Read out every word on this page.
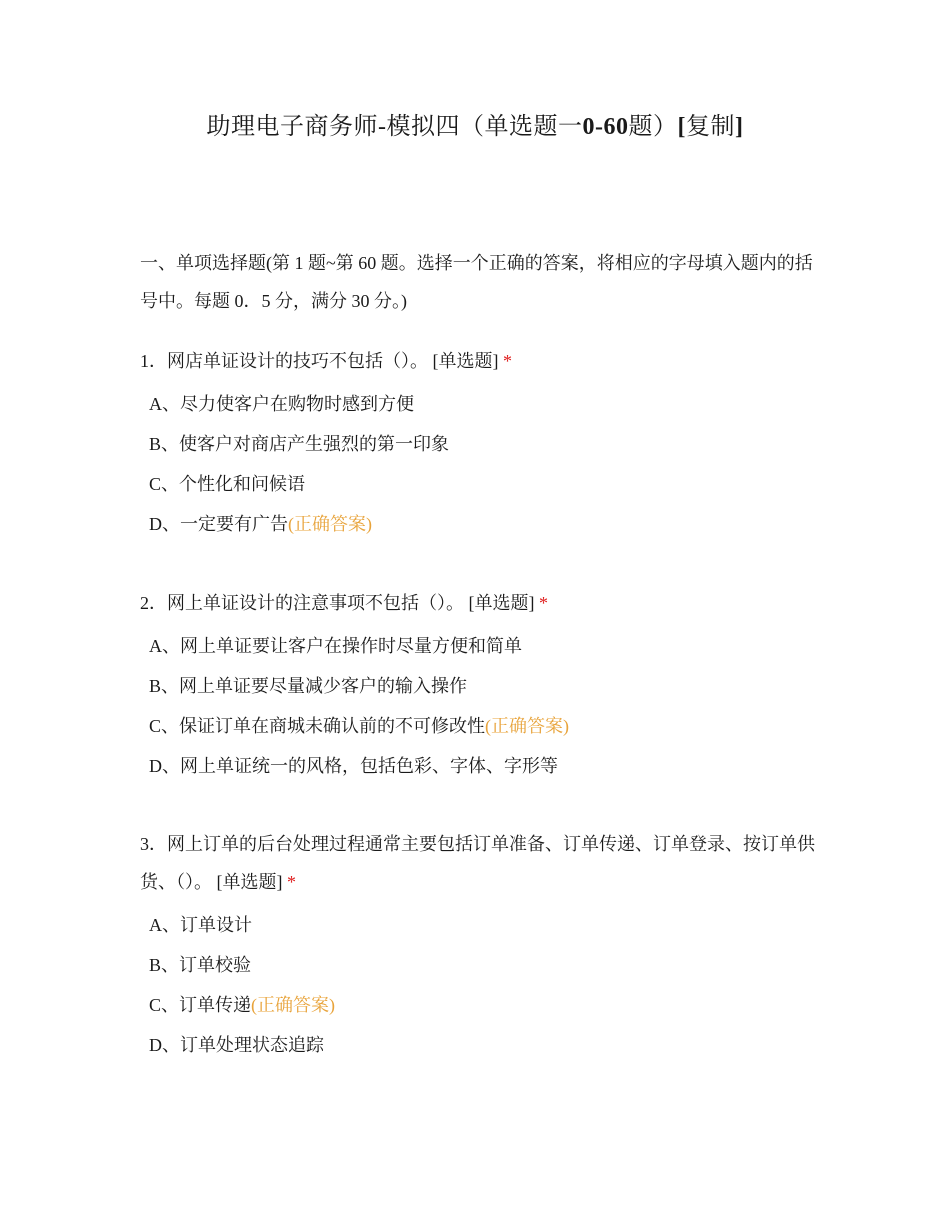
助理电子商务师-模拟四（单选题一0-60题）[复制]
一、单项选择题(第 1 题~第 60 题。选择一个正确的答案，将相应的字母填入题内的括号中。每题 0．5 分，满分 30 分。)

1．网店单证设计的技巧不包括（）。 [单选题] *

A、尽力使客户在购物时感到方便
B、使客户对商店产生强烈的第一印象
C、个性化和问候语
D、一定要有广告(正确答案)

2．网上单证设计的注意事项不包括（）。 [单选题] *

A、网上单证要让客户在操作时尽量方便和简单
B、网上单证要尽量减少客户的输入操作
C、保证订单在商城未确认前的不可修改性(正确答案)
D、网上单证统一的风格，包括色彩、字体、字形等

3．网上订单的后台处理过程通常主要包括订单准备、订单传递、订单登录、按订单供货、（）。 [单选题] *

A、订单设计
B、订单校验
C、订单传递(正确答案)
D、订单处理状态追踪
